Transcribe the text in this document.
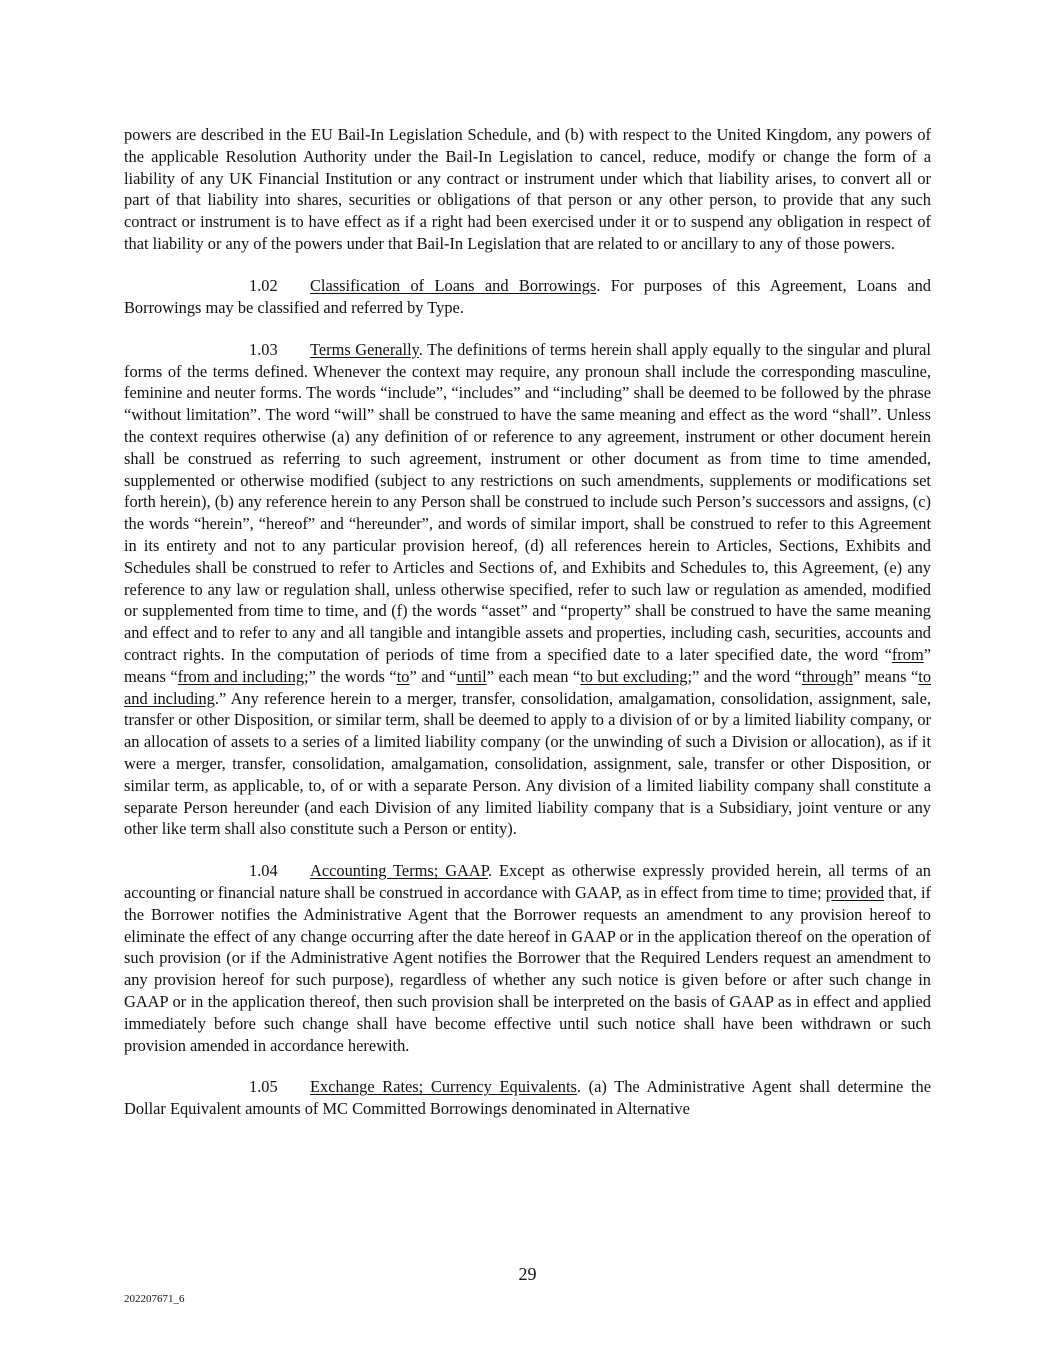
powers are described in the EU Bail-In Legislation Schedule, and (b) with respect to the United Kingdom, any powers of the applicable Resolution Authority under the Bail-In Legislation to cancel, reduce, modify or change the form of a liability of any UK Financial Institution or any contract or instrument under which that liability arises, to convert all or part of that liability into shares, securities or obligations of that person or any other person, to provide that any such contract or instrument is to have effect as if a right had been exercised under it or to suspend any obligation in respect of that liability or any of the powers under that Bail-In Legislation that are related to or ancillary to any of those powers.

1.02 Classification of Loans and Borrowings. For purposes of this Agreement, Loans and Borrowings may be classified and referred by Type.

1.03 Terms Generally. The definitions of terms herein shall apply equally to the singular and plural forms of the terms defined. Whenever the context may require, any pronoun shall include the corresponding masculine, feminine and neuter forms. The words “include”, “includes” and “including” shall be deemed to be followed by the phrase “without limitation”. The word “will” shall be construed to have the same meaning and effect as the word “shall”. Unless the context requires otherwise (a) any definition of or reference to any agreement, instrument or other document herein shall be construed as referring to such agreement, instrument or other document as from time to time amended, supplemented or otherwise modified (subject to any restrictions on such amendments, supplements or modifications set forth herein), (b) any reference herein to any Person shall be construed to include such Person’s successors and assigns, (c) the words “herein”, “hereof” and “hereunder”, and words of similar import, shall be construed to refer to this Agreement in its entirety and not to any particular provision hereof, (d) all references herein to Articles, Sections, Exhibits and Schedules shall be construed to refer to Articles and Sections of, and Exhibits and Schedules to, this Agreement, (e) any reference to any law or regulation shall, unless otherwise specified, refer to such law or regulation as amended, modified or supplemented from time to time, and (f) the words “asset” and “property” shall be construed to have the same meaning and effect and to refer to any and all tangible and intangible assets and properties, including cash, securities, accounts and contract rights. In the computation of periods of time from a specified date to a later specified date, the word “from” means “from and including;” the words “to” and “until” each mean “to but excluding;” and the word “through” means “to and including.” Any reference herein to a merger, transfer, consolidation, amalgamation, consolidation, assignment, sale, transfer or other Disposition, or similar term, shall be deemed to apply to a division of or by a limited liability company, or an allocation of assets to a series of a limited liability company (or the unwinding of such a Division or allocation), as if it were a merger, transfer, consolidation, amalgamation, consolidation, assignment, sale, transfer or other Disposition, or similar term, as applicable, to, of or with a separate Person. Any division of a limited liability company shall constitute a separate Person hereunder (and each Division of any limited liability company that is a Subsidiary, joint venture or any other like term shall also constitute such a Person or entity).

1.04 Accounting Terms; GAAP. Except as otherwise expressly provided herein, all terms of an accounting or financial nature shall be construed in accordance with GAAP, as in effect from time to time; provided that, if the Borrower notifies the Administrative Agent that the Borrower requests an amendment to any provision hereof to eliminate the effect of any change occurring after the date hereof in GAAP or in the application thereof on the operation of such provision (or if the Administrative Agent notifies the Borrower that the Required Lenders request an amendment to any provision hereof for such purpose), regardless of whether any such notice is given before or after such change in GAAP or in the application thereof, then such provision shall be interpreted on the basis of GAAP as in effect and applied immediately before such change shall have become effective until such notice shall have been withdrawn or such provision amended in accordance herewith.

1.05 Exchange Rates; Currency Equivalents. (a) The Administrative Agent shall determine the Dollar Equivalent amounts of MC Committed Borrowings denominated in Alternative

29
202207671_6
